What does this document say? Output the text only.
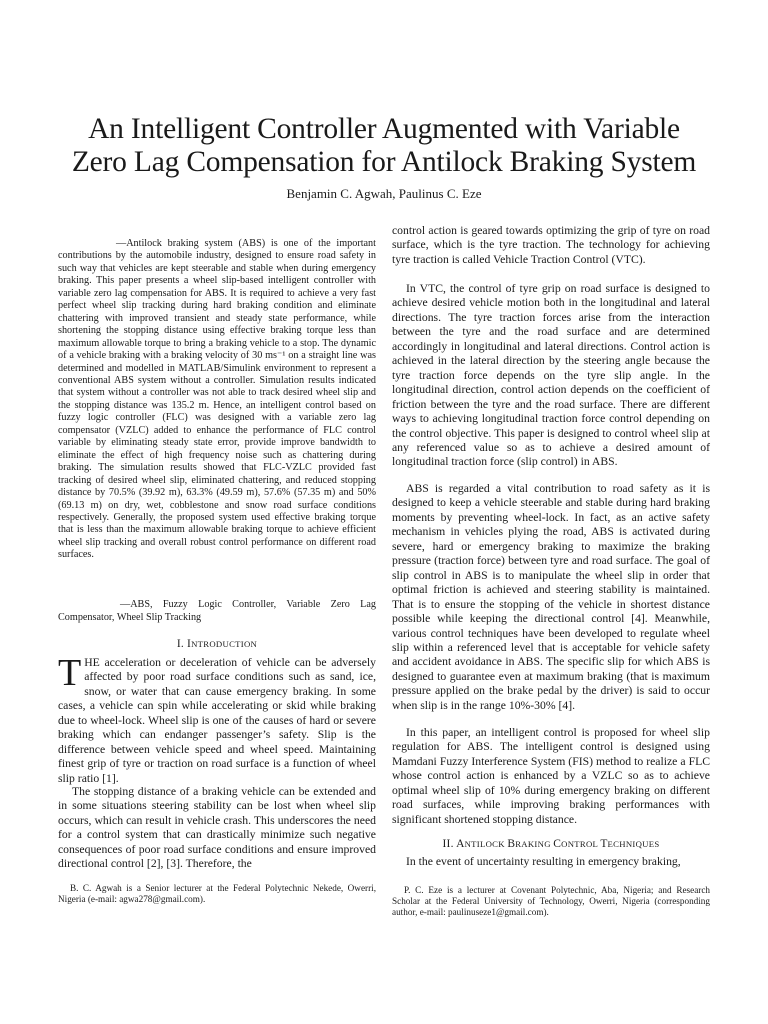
An Intelligent Controller Augmented with Variable
Zero Lag Compensation for Antilock Braking System

Benjamin C. Agwah, Paulinus C. Eze

—Antilock braking system (ABS) is one of the important contributions by the automobile industry, designed to ensure road safety in such way that vehicles are kept steerable and stable when during emergency braking. This paper presents a wheel slip-based intelligent controller with variable zero lag compensation for ABS. It is required to achieve a very fast perfect wheel slip tracking during hard braking condition and eliminate chattering with improved transient and steady state performance, while shortening the stopping distance using effective braking torque less than maximum allowable torque to bring a braking vehicle to a stop. The dynamic of a vehicle braking with a braking velocity of 30 ms⁻¹ on a straight line was determined and modelled in MATLAB/Simulink environment to represent a conventional ABS system without a controller. Simulation results indicated that system without a controller was not able to track desired wheel slip and the stopping distance was 135.2 m. Hence, an intelligent control based on fuzzy logic controller (FLC) was designed with a variable zero lag compensator (VZLC) added to enhance the performance of FLC control variable by eliminating steady state error, provide improve bandwidth to eliminate the effect of high frequency noise such as chattering during braking. The simulation results showed that FLC-VZLC provided fast tracking of desired wheel slip, eliminated chattering, and reduced stopping distance by 70.5% (39.92 m), 63.3% (49.59 m), 57.6% (57.35 m) and 50% (69.13 m) on dry, wet, cobblestone and snow road surface conditions respectively. Generally, the proposed system used effective braking torque that is less than the maximum allowable braking torque to achieve efficient wheel slip tracking and overall robust control performance on different road surfaces.

—ABS, Fuzzy Logic Controller, Variable Zero Lag Compensator, Wheel Slip Tracking

I. INTRODUCTION

THE acceleration or deceleration of vehicle can be adversely affected by poor road surface conditions such as sand, ice, snow, or water that can cause emergency braking. In some cases, a vehicle can spin while accelerating or skid while braking due to wheel-lock. Wheel slip is one of the causes of hard or severe braking which can endanger passenger’s safety. Slip is the difference between vehicle speed and wheel speed. Maintaining finest grip of tyre or traction on road surface is a function of wheel slip ratio [1].

The stopping distance of a braking vehicle can be extended and in some situations steering stability can be lost when wheel slip occurs, which can result in vehicle crash. This underscores the need for a control system that can drastically minimize such negative consequences of poor road surface conditions and ensure improved directional control [2], [3]. Therefore, the

control action is geared towards optimizing the grip of tyre on road surface, which is the tyre traction. The technology for achieving tyre traction is called Vehicle Traction Control (VTC).

In VTC, the control of tyre grip on road surface is designed to achieve desired vehicle motion both in the longitudinal and lateral directions. The tyre traction forces arise from the interaction between the tyre and the road surface and are determined accordingly in longitudinal and lateral directions. Control action is achieved in the lateral direction by the steering angle because the tyre traction force depends on the tyre slip angle. In the longitudinal direction, control action depends on the coefficient of friction between the tyre and the road surface. There are different ways to achieving longitudinal traction force control depending on the control objective. This paper is designed to control wheel slip at any referenced value so as to achieve a desired amount of longitudinal traction force (slip control) in ABS.

ABS is regarded a vital contribution to road safety as it is designed to keep a vehicle steerable and stable during hard braking moments by preventing wheel-lock. In fact, as an active safety mechanism in vehicles plying the road, ABS is activated during severe, hard or emergency braking to maximize the braking pressure (traction force) between tyre and road surface. The goal of slip control in ABS is to manipulate the wheel slip in order that optimal friction is achieved and steering stability is maintained. That is to ensure the stopping of the vehicle in shortest distance possible while keeping the directional control [4]. Meanwhile, various control techniques have been developed to regulate wheel slip within a referenced level that is acceptable for vehicle safety and accident avoidance in ABS. The specific slip for which ABS is designed to guarantee even at maximum braking (that is maximum pressure applied on the brake pedal by the driver) is said to occur when slip is in the range 10%-30% [4].

In this paper, an intelligent control is proposed for wheel slip regulation for ABS. The intelligent control is designed using Mamdani Fuzzy Interference System (FIS) method to realize a FLC whose control action is enhanced by a VZLC so as to achieve optimal wheel slip of 10% during emergency braking on different road surfaces, while improving braking performances with significant shortened stopping distance.

II. ANTILOCK BRAKING CONTROL TECHNIQUES

In the event of uncertainty resulting in emergency braking,

B. C. Agwah is a Senior lecturer at the Federal Polytechnic Nekede, Owerri, Nigeria (e-mail: agwa278@gmail.com).

P. C. Eze is a lecturer at Covenant Polytechnic, Aba, Nigeria; and Research Scholar at the Federal University of Technology, Owerri, Nigeria (corresponding author, e-mail: paulinuseze1@gmail.com).
